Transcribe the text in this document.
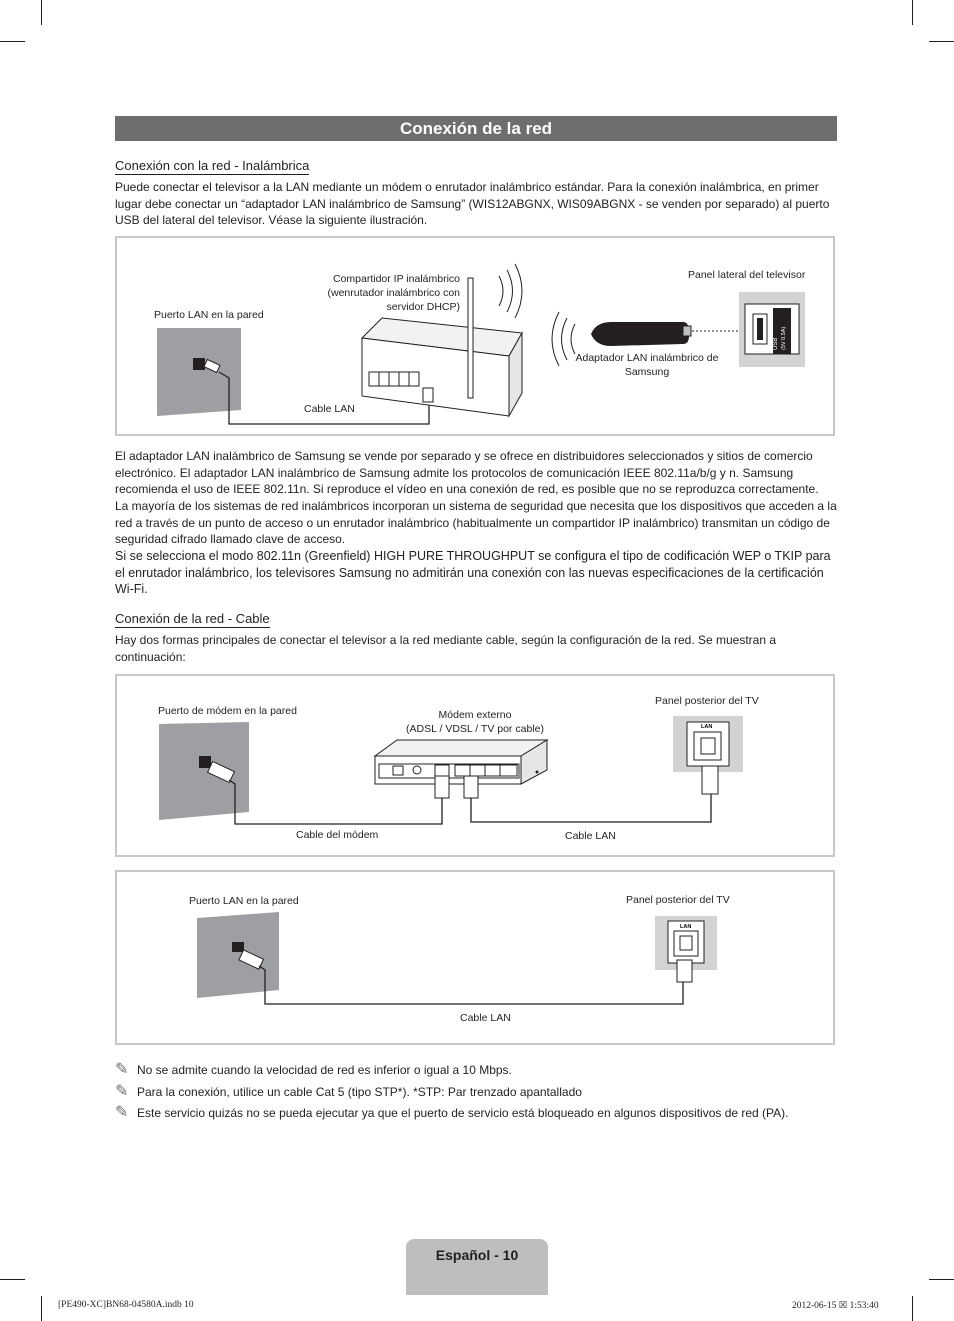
Conexión de la red
Conexión con la red - Inalámbrica

Puede conectar el televisor a la LAN mediante un módem o enrutador inalámbrico estándar. Para la conexión inalámbrica, en primer lugar debe conectar un “adaptador LAN inalámbrico de Samsung” (WIS12ABGNX, WIS09ABGNX - se venden por separado) al puerto USB del lateral del televisor. Véase la siguiente ilustración.

USB (5V 0.5A)
Puerto LAN en la pared
Compartidor IP inalámbrico
(wenrutador inalámbrico con
servidor DHCP)
Panel lateral del televisor
Adaptador LAN inalámbrico de
Samsung
Cable LAN

El adaptador LAN inalámbrico de Samsung se vende por separado y se ofrece en distribuidores seleccionados y sitios de comercio electrónico. El adaptador LAN inalámbrico de Samsung admite los protocolos de comunicación IEEE 802.11a/b/g y n. Samsung recomienda el uso de IEEE 802.11n. Si reproduce el vídeo en una conexión de red, es posible que no se reproduzca correctamente.

La mayoría de los sistemas de red inalámbricos incorporan un sistema de seguridad que necesita que los dispositivos que acceden a la red a través de un punto de acceso o un enrutador inalámbrico (habitualmente un compartidor IP inalámbrico) transmitan un código de seguridad cifrado llamado clave de acceso.

Si se selecciona el modo 802.11n (Greenfield) HIGH PURE THROUGHPUT se configura el tipo de codificación WEP o TKIP para el enrutador inalámbrico, los televisores Samsung no admitirán una conexión con las nuevas especificaciones de la certificación Wi-Fi.

Conexión de la red - Cable

Hay dos formas principales de conectar el televisor a la red mediante cable, según la configuración de la red. Se muestran a continuación:

LAN
Puerto de módem en la pared	Módem externo
(ADSL / VDSL / TV por cable)
Panel posterior del TV
Cable del módem	Cable LAN
LAN
Puerto LAN en la pared	Panel posterior del TV
Cable LAN
✎ No se admite cuando la velocidad de red es inferior o igual a 10 Mbps.
✎ Para la conexión, utilice un cable Cat 5 (tipo STP*). *STP: Par trenzado apantallado
✎ Este servicio quizás no se pueda ejecutar ya que el puerto de servicio está bloqueado en algunos dispositivos de red (PA).
Español - 10
[PE490-XC]BN68-04580A.indb 10	2012-06-15 ☒ 1:53:40
